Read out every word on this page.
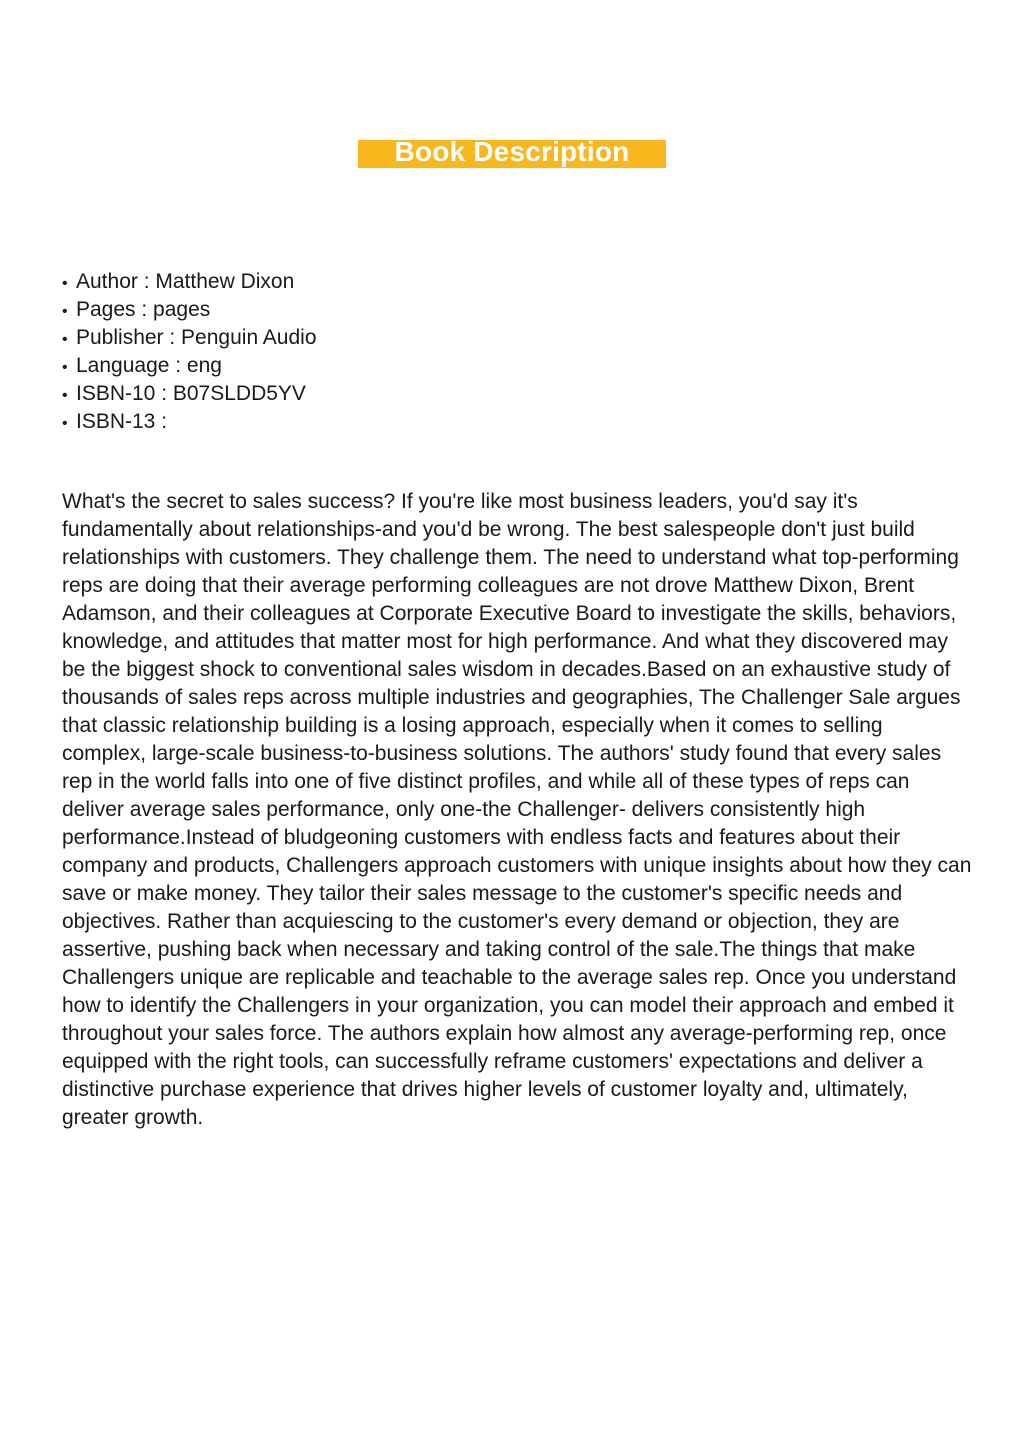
Book Description
• Author : Matthew Dixon
• Pages : pages
• Publisher : Penguin Audio
• Language : eng
• ISBN-10 : B07SLDD5YV
• ISBN-13 :

What's the secret to sales success? If you're like most business leaders, you'd say it's fundamentally about relationships-and you'd be wrong. The best salespeople don't just build relationships with customers. They challenge them. The need to understand what top-performing reps are doing that their average performing colleagues are not drove Matthew Dixon, Brent Adamson, and their colleagues at Corporate Executive Board to investigate the skills, behaviors, knowledge, and attitudes that matter most for high performance. And what they discovered may be the biggest shock to conventional sales wisdom in decades.Based on an exhaustive study of thousands of sales reps across multiple industries and geographies, The Challenger Sale argues that classic relationship building is a losing approach, especially when it comes to selling complex, large-scale business-to-business solutions. The authors' study found that every sales rep in the world falls into one of five distinct profiles, and while all of these types of reps can deliver average sales performance, only one-the Challenger- delivers consistently high performance.Instead of bludgeoning customers with endless facts and features about their company and products, Challengers approach customers with unique insights about how they can save or make money. They tailor their sales message to the customer's specific needs and objectives. Rather than acquiescing to the customer's every demand or objection, they are assertive, pushing back when necessary and taking control of the sale.The things that make Challengers unique are replicable and teachable to the average sales rep. Once you understand how to identify the Challengers in your organization, you can model their approach and embed it throughout your sales force. The authors explain how almost any average-performing rep, once equipped with the right tools, can successfully reframe customers' expectations and deliver a distinctive purchase experience that drives higher levels of customer loyalty and, ultimately, greater growth.
